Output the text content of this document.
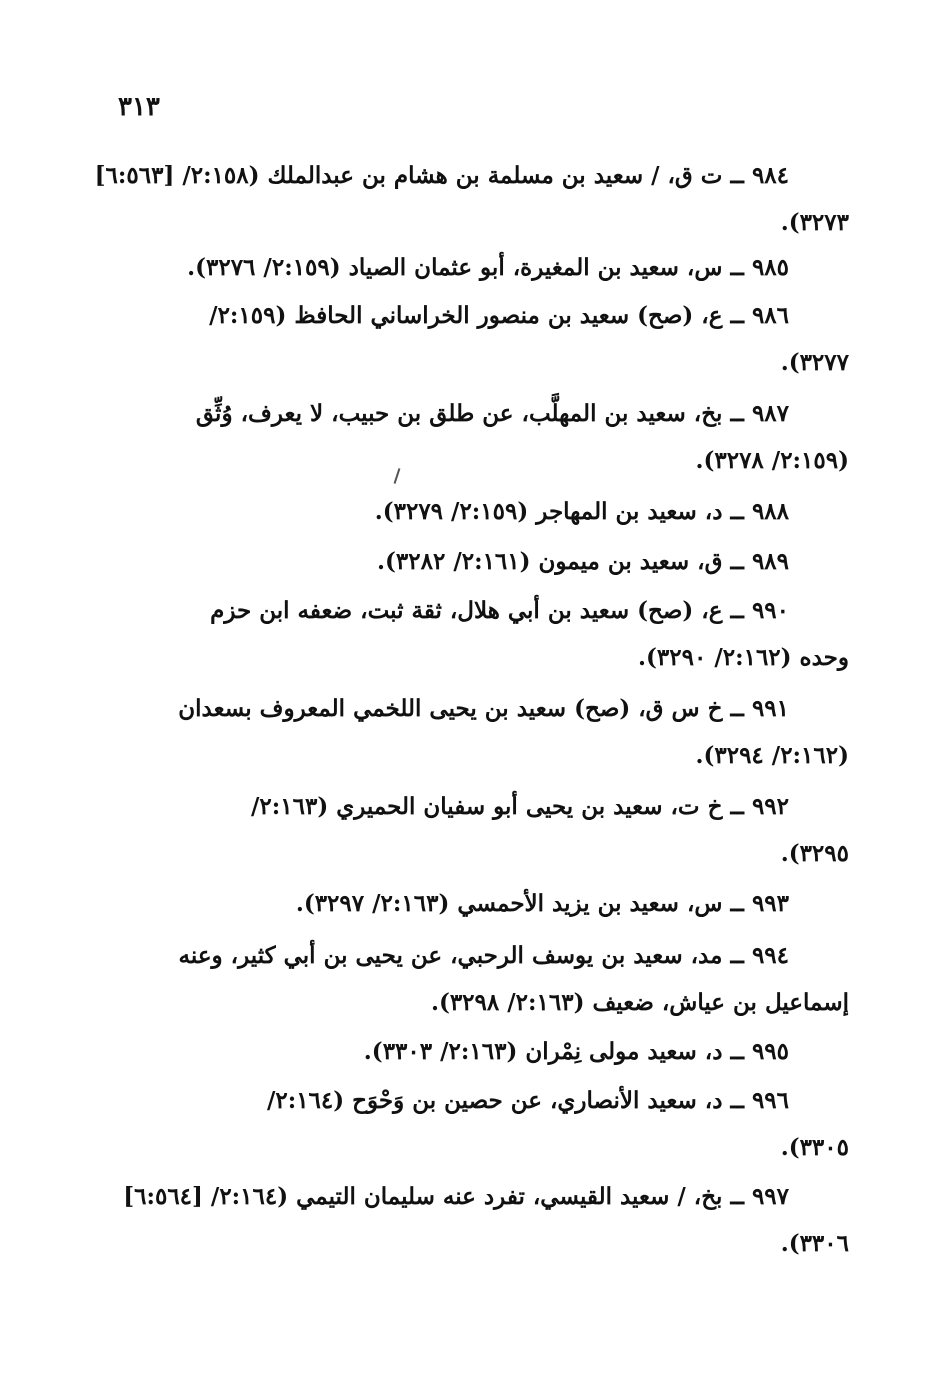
٣١٣
٩٨٤ ــ ت ق، / سعيد بن مسلمة بن هشام بن عبدالملك (٢:١٥٨/ [٦:٥٦٣]
٣٢٧٣).
٩٨٥ ــ س، سعيد بن المغيرة، أبو عثمان الصياد (٢:١٥٩/ ٣٢٧٦).
٩٨٦ ــ ع، (صح) سعيد بن منصور الخراساني الحافظ (٢:١٥٩/
٣٢٧٧).
٩٨٧ ــ بخ، سعيد بن المهلَّب، عن طلق بن حبيب، لا يعرف، وُثِّق
(٢:١٥٩/ ٣٢٧٨).
٩٨٨ ــ د، سعيد بن المهاجر (٢:١٥٩/ ٣٢٧٩).
٩٨٩ ــ ق، سعيد بن ميمون (٢:١٦١/ ٣٢٨٢).
٩٩٠ ــ ع، (صح) سعيد بن أبي هلال، ثقة ثبت، ضعفه ابن حزم
وحده (٢:١٦٢/ ٣٢٩٠).
٩٩١ ــ خ س ق، (صح) سعيد بن يحيى اللخمي المعروف بسعدان
(٢:١٦٢/ ٣٢٩٤).
٩٩٢ ــ خ ت، سعيد بن يحيى أبو سفيان الحميري (٢:١٦٣/
٣٢٩٥).
٩٩٣ ــ س، سعيد بن يزيد الأحمسي (٢:١٦٣/ ٣٢٩٧).
٩٩٤ ــ مد، سعيد بن يوسف الرحبي، عن يحيى بن أبي كثير، وعنه
إسماعيل بن عياش، ضعيف (٢:١٦٣/ ٣٢٩٨).
٩٩٥ ــ د، سعيد مولى نِمْران (٢:١٦٣/ ٣٣٠٣).
٩٩٦ ــ د، سعيد الأنصاري، عن حصين بن وَحْوَح (٢:١٦٤/
٣٣٠٥).
٩٩٧ ــ بخ، / سعيد القيسي، تفرد عنه سليمان التيمي (٢:١٦٤/ [٦:٥٦٤]
٣٣٠٦).
